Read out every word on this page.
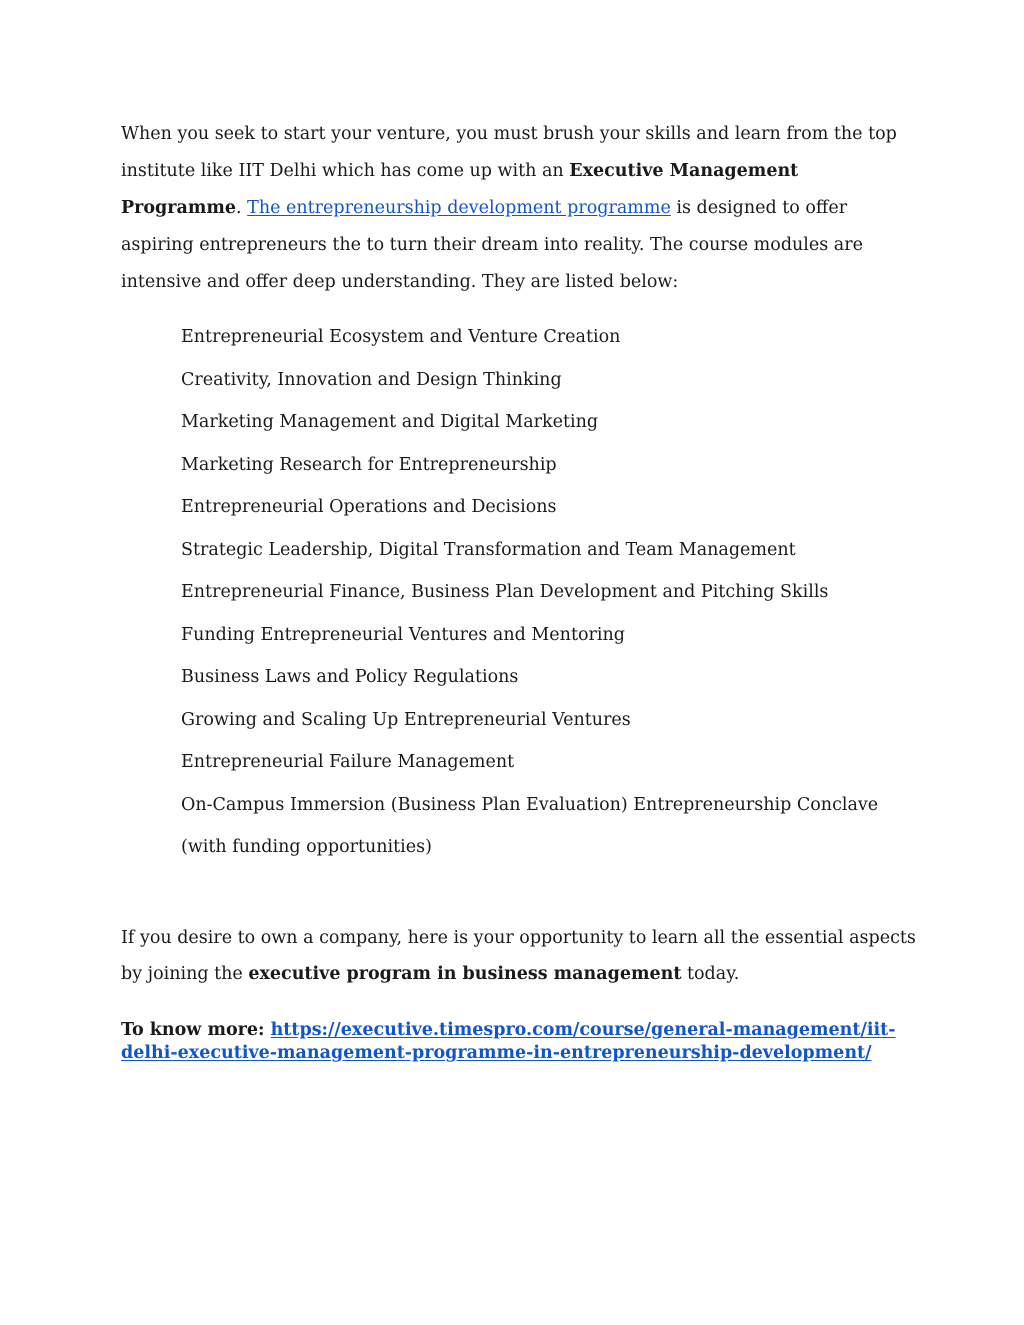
When you seek to start your venture, you must brush your skills and learn from the top institute like IIT Delhi which has come up with an Executive Management Programme. The entrepreneurship development programme is designed to offer aspiring entrepreneurs the to turn their dream into reality. The course modules are intensive and offer deep understanding. They are listed below:

Entrepreneurial Ecosystem and Venture Creation
Creativity, Innovation and Design Thinking
Marketing Management and Digital Marketing
Marketing Research for Entrepreneurship
Entrepreneurial Operations and Decisions
Strategic Leadership, Digital Transformation and Team Management
Entrepreneurial Finance, Business Plan Development and Pitching Skills
Funding Entrepreneurial Ventures and Mentoring
Business Laws and Policy Regulations
Growing and Scaling Up Entrepreneurial Ventures
Entrepreneurial Failure Management
On-Campus Immersion (Business Plan Evaluation) Entrepreneurship Conclave
(with funding opportunities)

If you desire to own a company, here is your opportunity to learn all the essential aspects by joining the executive program in business management today.

To know more: https://executive.timespro.com/course/general-management/iit-delhi-executive-management-programme-in-entrepreneurship-development/
